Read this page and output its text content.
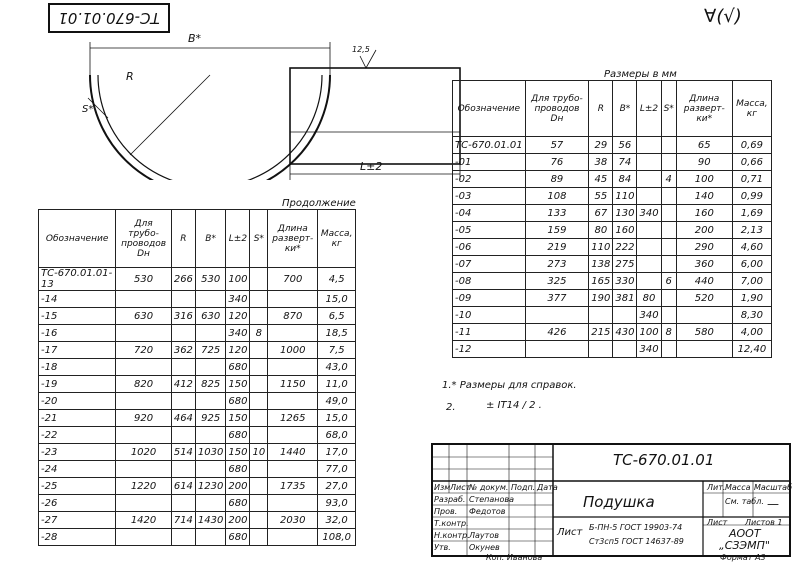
ТС-670.01.01	∀(√)
B*
R
S*
12,5
L±2
Размеры в мм
Обозначение	Для трубо-проводов Dн	R	B*	L±2	S*	Длина разверт-ки*	Масса, кг
ТС-670.01.01	57	29	56			65	0,69
-01	76	38	74			90	0,66
-02	89	45	84		4	100	0,71
-03	108	55	110			140	0,99
-04	133	67	130	340		160	1,69
-05	159	80	160			200	2,13
-06	219	110	222			290	4,60
-07	273	138	275			360	6,00
-08	325	165	330		6	440	7,00
-09	377	190	381	80		520	1,90
-10				340			8,30
-11	426	215	430	100	8	580	4,00
-12				340			12,40
Продолжение
Обозначение	Для трубо-проводов Dн	R	B*	L±2	S*	Длина разверт-ки*	Масса, кг
ТС-670.01.01-13	530	266	530	100		700	4,5
-14				340			15,0
-15	630	316	630	120		870	6,5
-16				340	8		18,5
-17	720	362	725	120		1000	7,5
-18				680			43,0
-19	820	412	825	150		1150	11,0
-20				680			49,0
-21	920	464	925	150		1265	15,0
-22				680			68,0
-23	1020	514	1030	150	10	1440	17,0
-24				680			77,0
-25	1220	614	1230	200		1735	27,0
-26				680			93,0
-27	1420	714	1430	200		2030	32,0
-28				680			108,0
1.* Размеры для справок.
2.	± IT14 / 2 .
ТС-670.01.01
Подушка
Изм Лист
№ докум. Подп. Дата
Разраб. Степанова
Пров. Федотов
Т.контр.
Н.контр. Лаутов
Утв. Окунев
Лит. Масса Масштаб
См. табл. —
Лист Листов 1
Лист Б-ПН-5 ГОСТ 19903-74
Ст3сп5 ГОСТ 14637-89
АООТ
„СЗЭМП"
Коп. Иванова	Формат А3
